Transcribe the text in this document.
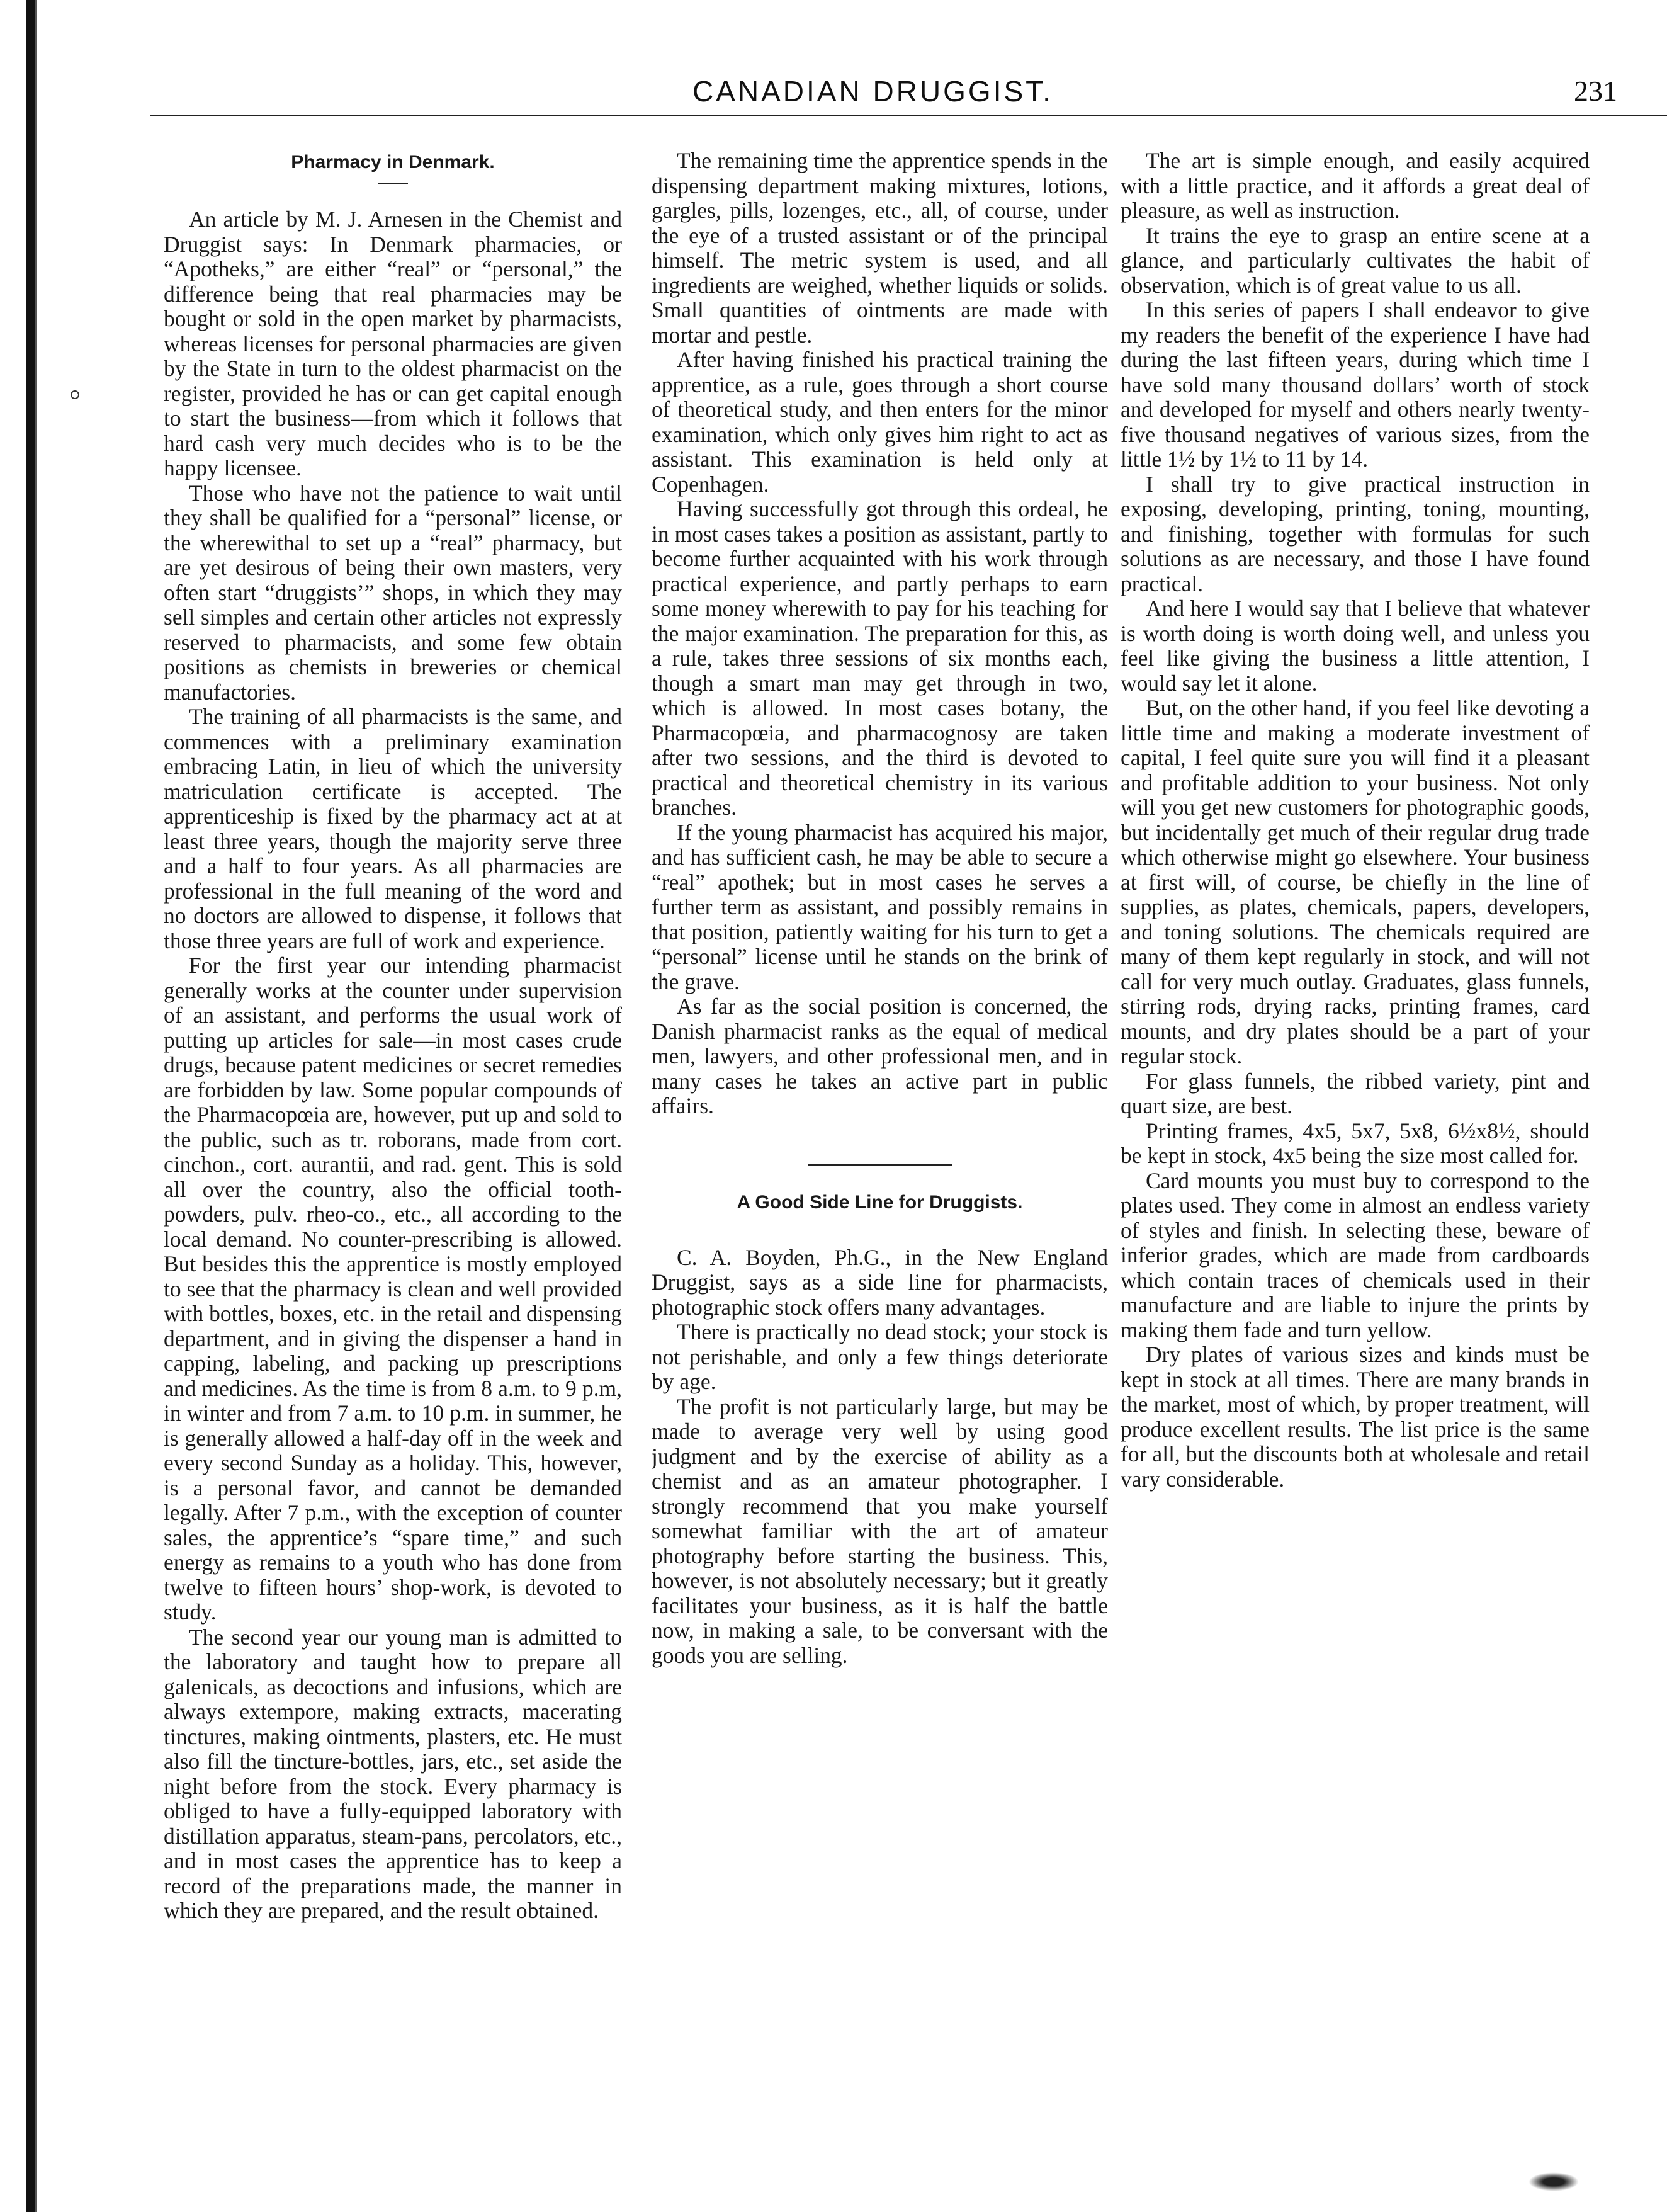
CANADIAN DRUGGIST.	231
Pharmacy in Denmark.

An article by M. J. Arnesen in the Chemist and Druggist says: In Denmark pharmacies, or “Apotheks,” are either “real” or “personal,” the difference being that real pharmacies may be bought or sold in the open market by pharmacists, whereas licenses for personal pharmacies are given by the State in turn to the oldest pharmacist on the register, provided he has or can get capital enough to start the business—from which it follows that hard cash very much decides who is to be the happy licensee.

Those who have not the patience to wait until they shall be qualified for a “personal” license, or the wherewithal to set up a “real” pharmacy, but are yet desirous of being their own masters, very often start “druggists’” shops, in which they may sell simples and certain other articles not expressly reserved to pharmacists, and some few obtain positions as chemists in breweries or chemical manufactories.

The training of all pharmacists is the same, and commences with a preliminary examination embracing Latin, in lieu of which the university matriculation certificate is accepted. The apprenticeship is fixed by the pharmacy act at at least three years, though the majority serve three and a half to four years. As all pharmacies are professional in the full meaning of the word and no doctors are allowed to dispense, it follows that those three years are full of work and experience.

For the first year our intending pharmacist generally works at the counter under supervision of an assistant, and performs the usual work of putting up articles for sale—in most cases crude drugs, because patent medicines or secret remedies are forbidden by law. Some popular compounds of the Pharmacopœia are, however, put up and sold to the public, such as tr. roborans, made from cort. cinchon., cort. aurantii, and rad. gent. This is sold all over the country, also the official tooth-powders, pulv. rheo-co., etc., all according to the local demand. No counter-prescribing is allowed. But besides this the apprentice is mostly employed to see that the pharmacy is clean and well provided with bottles, boxes, etc. in the retail and dispensing department, and in giving the dispenser a hand in capping, labeling, and packing up prescriptions and medicines. As the time is from 8 a.m. to 9 p.m, in winter and from 7 a.m. to 10 p.m. in summer, he is generally allowed a half-day off in the week and every second Sunday as a holiday. This, however, is a personal favor, and cannot be demanded legally. After 7 p.m., with the exception of counter sales, the apprentice’s “spare time,” and such energy as remains to a youth who has done from twelve to fifteen hours’ shop-work, is devoted to study.

The second year our young man is admitted to the laboratory and taught how to prepare all galenicals, as decoctions and infusions, which are always extempore, making extracts, macerating tinctures, making ointments, plasters, etc. He must also fill the tincture-bottles, jars, etc., set aside the night before from the stock. Every pharmacy is obliged to have a fully-equipped laboratory with distillation apparatus, steam-pans, percolators, etc., and in most cases the apprentice has to keep a record of the preparations made, the manner in which they are prepared, and the result obtained.

The remaining time the apprentice spends in the dispensing department making mixtures, lotions, gargles, pills, lozenges, etc., all, of course, under the eye of a trusted assistant or of the principal himself. The metric system is used, and all ingredients are weighed, whether liquids or solids. Small quantities of ointments are made with mortar and pestle.

After having finished his practical training the apprentice, as a rule, goes through a short course of theoretical study, and then enters for the minor examination, which only gives him right to act as assistant. This examination is held only at Copenhagen.

Having successfully got through this ordeal, he in most cases takes a position as assistant, partly to become further acquainted with his work through practical experience, and partly perhaps to earn some money wherewith to pay for his teaching for the major examination. The preparation for this, as a rule, takes three sessions of six months each, though a smart man may get through in two, which is allowed. In most cases botany, the Pharmacopœia, and pharmacognosy are taken after two sessions, and the third is devoted to practical and theoretical chemistry in its various branches.

If the young pharmacist has acquired his major, and has sufficient cash, he may be able to secure a “real” apothek; but in most cases he serves a further term as assistant, and possibly remains in that position, patiently waiting for his turn to get a “personal” license until he stands on the brink of the grave.

As far as the social position is concerned, the Danish pharmacist ranks as the equal of medical men, lawyers, and other professional men, and in many cases he takes an active part in public affairs.

A Good Side Line for Druggists.

C. A. Boyden, Ph.G., in the New England Druggist, says as a side line for pharmacists, photographic stock offers many advantages.

There is practically no dead stock; your stock is not perishable, and only a few things deteriorate by age.

The profit is not particularly large, but may be made to average very well by using good judgment and by the exercise of ability as a chemist and as an amateur photographer. I strongly recommend that you make yourself somewhat familiar with the art of amateur photography before starting the business. This, however, is not absolutely necessary; but it greatly facilitates your business, as it is half the battle now, in making a sale, to be conversant with the goods you are selling.

The art is simple enough, and easily acquired with a little practice, and it affords a great deal of pleasure, as well as instruction.

It trains the eye to grasp an entire scene at a glance, and particularly cultivates the habit of observation, which is of great value to us all.

In this series of papers I shall endeavor to give my readers the benefit of the experience I have had during the last fifteen years, during which time I have sold many thousand dollars’ worth of stock and developed for myself and others nearly twenty-five thousand negatives of various sizes, from the little 1½ by 1½ to 11 by 14.

I shall try to give practical instruction in exposing, developing, printing, toning, mounting, and finishing, together with formulas for such solutions as are necessary, and those I have found practical.

And here I would say that I believe that whatever is worth doing is worth doing well, and unless you feel like giving the business a little attention, I would say let it alone.

But, on the other hand, if you feel like devoting a little time and making a moderate investment of capital, I feel quite sure you will find it a pleasant and profitable addition to your business. Not only will you get new customers for photographic goods, but incidentally get much of their regular drug trade which otherwise might go elsewhere. Your business at first will, of course, be chiefly in the line of supplies, as plates, chemicals, papers, developers, and toning solutions. The chemicals required are many of them kept regularly in stock, and will not call for very much outlay. Graduates, glass funnels, stirring rods, drying racks, printing frames, card mounts, and dry plates should be a part of your regular stock.

For glass funnels, the ribbed variety, pint and quart size, are best.

Printing frames, 4x5, 5x7, 5x8, 6½x8½, should be kept in stock, 4x5 being the size most called for.

Card mounts you must buy to correspond to the plates used. They come in almost an endless variety of styles and finish. In selecting these, beware of inferior grades, which are made from cardboards which contain traces of chemicals used in their manufacture and are liable to injure the prints by making them fade and turn yellow.

Dry plates of various sizes and kinds must be kept in stock at all times. There are many brands in the market, most of which, by proper treatment, will produce excellent results. The list price is the same for all, but the discounts both at wholesale and retail vary considerable.
